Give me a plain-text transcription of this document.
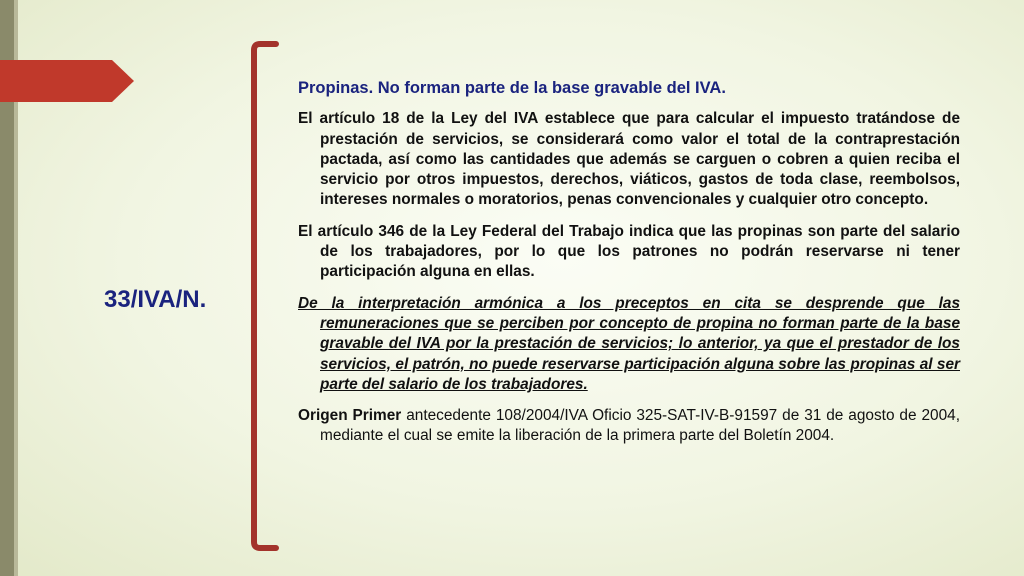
33/IVA/N.
Propinas. No forman parte de la base gravable del IVA.
El artículo 18 de la Ley del IVA establece que para calcular el impuesto tratándose de prestación de servicios, se considerará como valor el total de la contraprestación pactada, así como las cantidades que además se carguen o cobren a quien reciba el servicio por otros impuestos, derechos, viáticos, gastos de toda clase, reembolsos, intereses normales o moratorios, penas convencionales y cualquier otro concepto.
El artículo 346 de la Ley Federal del Trabajo indica que las propinas son parte del salario de los trabajadores, por lo que los patrones no podrán reservarse ni tener participación alguna en ellas.
De la interpretación armónica a los preceptos en cita se desprende que las remuneraciones que se perciben por concepto de propina no forman parte de la base gravable del IVA por la prestación de servicios; lo anterior, ya que el prestador de los servicios, el patrón, no puede reservarse participación alguna sobre las propinas al ser parte del salario de los trabajadores.
Origen Primer antecedente 108/2004/IVA Oficio 325-SAT-IV-B-91597 de 31 de agosto de 2004, mediante el cual se emite la liberación de la primera parte del Boletín 2004.
